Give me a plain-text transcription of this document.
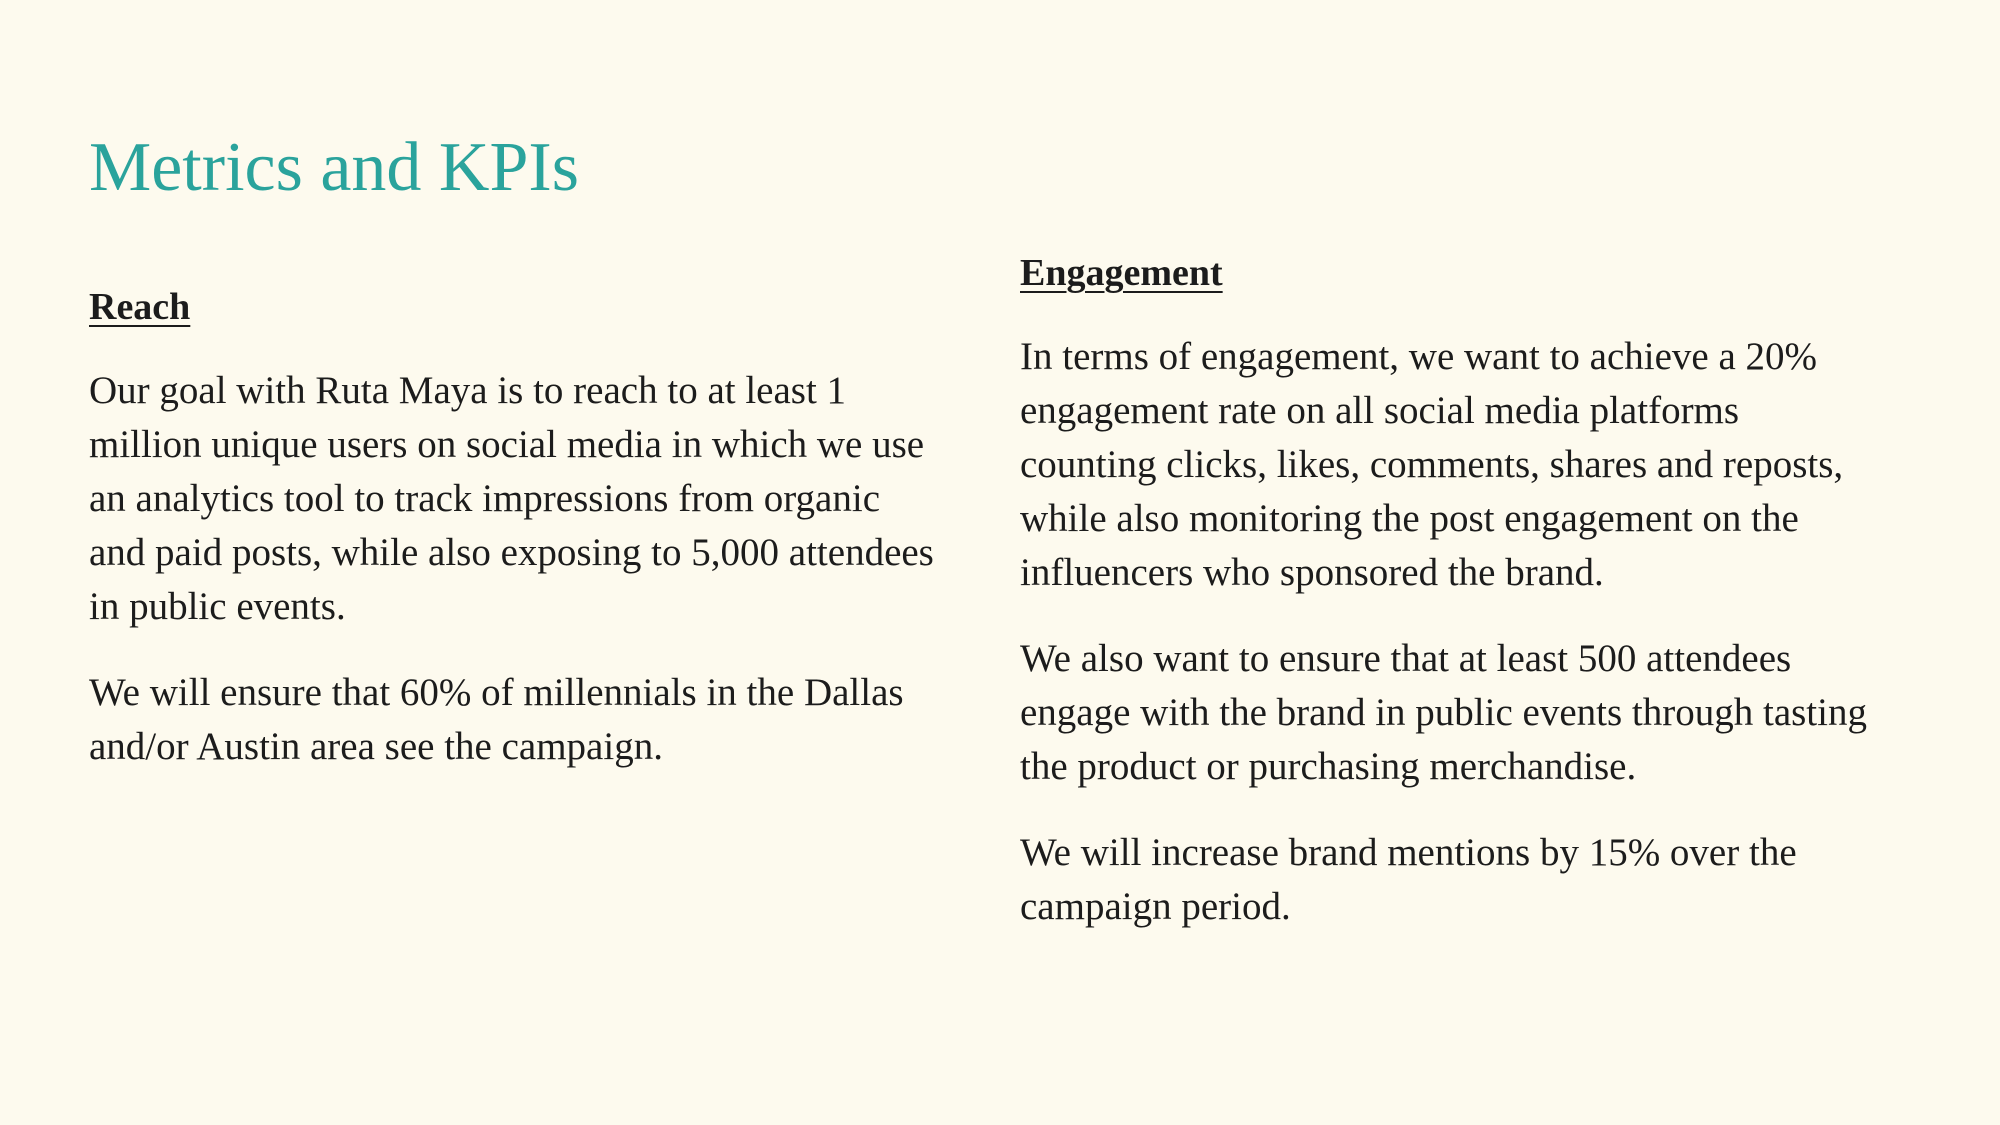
Metrics and KPIs
Reach

Our goal with Ruta Maya is to reach to at least 1 million unique users on social media in which we use an analytics tool to track impressions from organic and paid posts, while also exposing to 5,000 attendees in public events.

We will ensure that 60% of millennials in the Dallas and/or Austin area see the campaign.

Engagement

In terms of engagement, we want to achieve a 20% engagement rate on all social media platforms counting clicks, likes, comments, shares and reposts, while also monitoring the post engagement on the influencers who sponsored the brand.

We also want to ensure that at least 500 attendees engage with the brand in public events through tasting the product or purchasing merchandise.

We will increase brand mentions by 15% over the campaign period.
